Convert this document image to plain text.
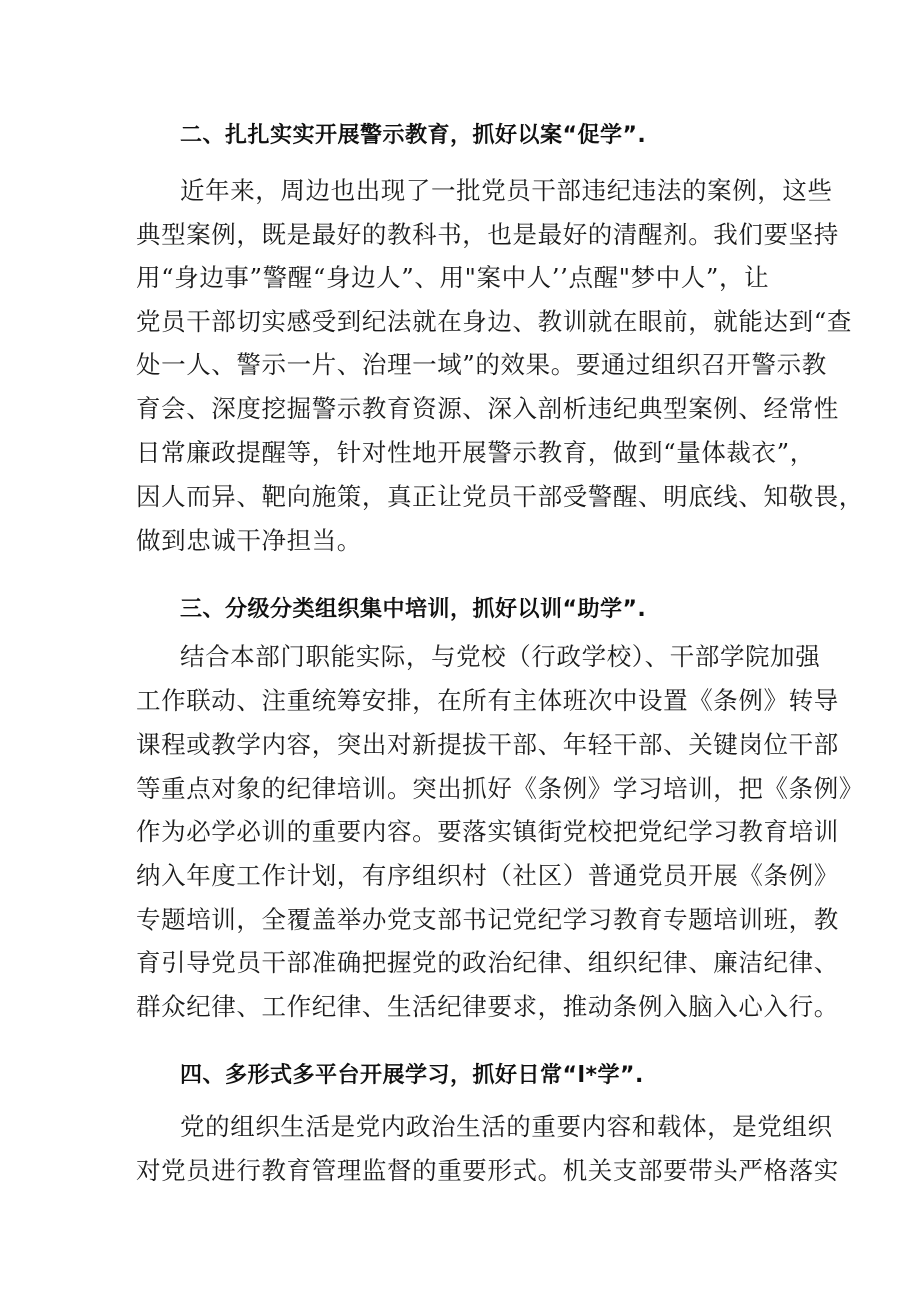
二、扎扎实实开展警示教育，抓好以案“促学”.
近年来，周边也出现了一批党员干部违纪违法的案例，这些
典型案例，既是最好的教科书，也是最好的清醒剂。我们要坚持
用“身边事”警醒“身边人”、用"案中人’’点醒"梦中人”，让
党员干部切实感受到纪法就在身边、教训就在眼前，就能达到“查
处一人、警示一片、治理一域”的效果。要通过组织召开警示教
育会、深度挖掘警示教育资源、深入剖析违纪典型案例、经常性
日常廉政提醒等，针对性地开展警示教育，做到“量体裁衣”，
因人而异、靶向施策，真正让党员干部受警醒、明底线、知敬畏，
做到忠诚干净担当。
三、分级分类组织集中培训，抓好以训“助学”.
结合本部门职能实际，与党校（行政学校）、干部学院加强
工作联动、注重统筹安排，在所有主体班次中设置《条例》转导
课程或教学内容，突出对新提拔干部、年轻干部、关键岗位干部
等重点对象的纪律培训。突出抓好《条例》学习培训，把《条例》
作为必学必训的重要内容。要落实镇街党校把党纪学习教育培训
纳入年度工作计划，有序组织村（社区）普通党员开展《条例》
专题培训，全覆盖举办党支部书记党纪学习教育专题培训班，教
育引导党员干部准确把握党的政治纪律、组织纪律、廉洁纪律、
群众纪律、工作纪律、生活纪律要求，推动条例入脑入心入行。
四、多形式多平台开展学习，抓好日常“l*学”.
党的组织生活是党内政治生活的重要内容和载体，是党组织
对党员进行教育管理监督的重要形式。机关支部要带头严格落实
